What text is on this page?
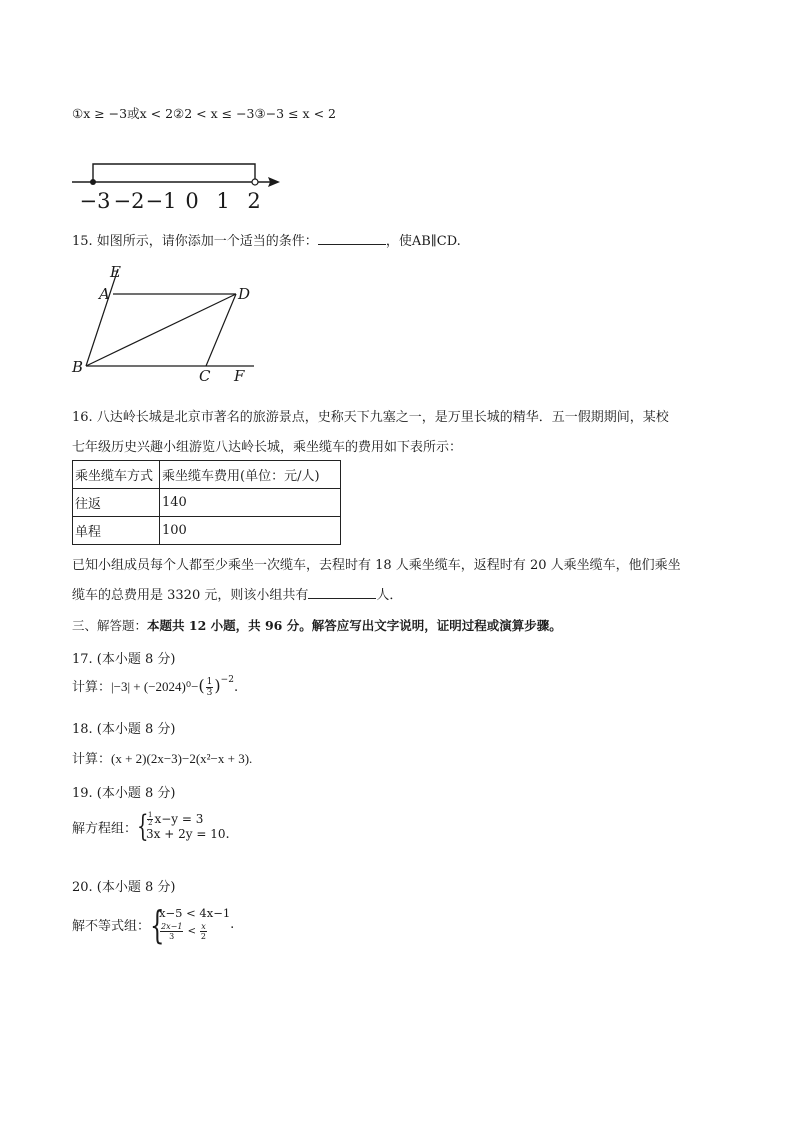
①x ≥ −3或x < 2②2 < x ≤ −3③−3 ≤ x < 2
−3 −2 −1 0 1 2
15. 如图所示，请你添加一个适当的条件：	，使AB∥CD.
E
A	D
B	C F
16. 八达岭长城是北京市著名的旅游景点，史称天下九塞之一，是万里长城的精华．五一假期期间，某校
七年级历史兴趣小组游览八达岭长城，乘坐缆车的费用如下表所示：
乘坐缆车方式	乘坐缆车费用(单位：元/人)
往返	140
单程	100
已知小组成员每个人都至少乘坐一次缆车，去程时有 18 人乘坐缆车，返程时有 20 人乘坐缆车，他们乘坐
缆车的总费用是 3320 元，则该小组共有	人．
三、解答题：本题共 12 小题，共 96 分。解答应写出文字说明，证明过程或演算步骤。
17. (本小题 8 分)
计算：$|-3| + (-2024)^0-( \frac{1}{3} )^{-2}$.
18. (本小题 8 分)
计算：(x + 2)(2x−3)−2(x²−x + 3).
19. (本小题 8 分)
解方程组： {
$\frac{1}{2} x-y = 3$
3x + 2y = 10 .
20. (本小题 8 分)
解不等式组： {
x−5 < 4x−1
$\frac{2x-1}{3} < \frac{x}{2}$ .
